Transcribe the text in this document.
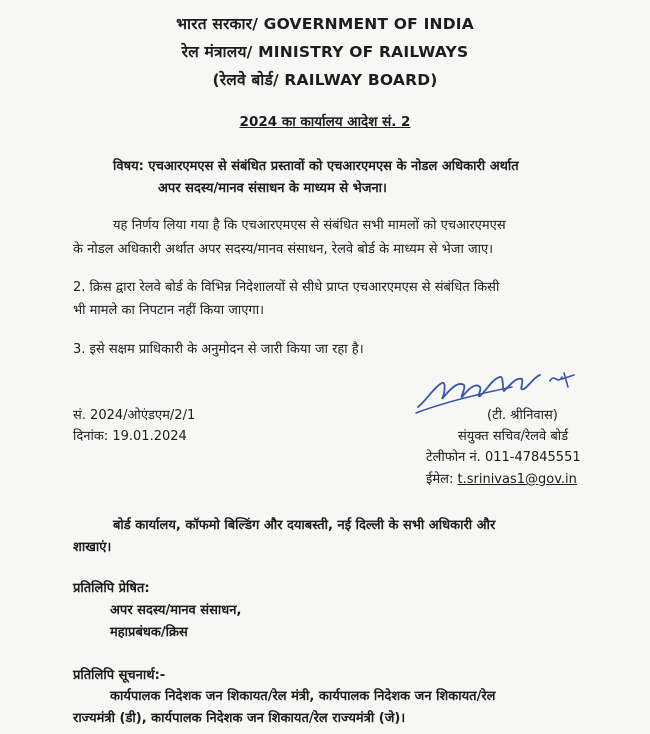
भारत सरकार/ GOVERNMENT OF INDIA
रेल मंत्रालय/ MINISTRY OF RAILWAYS
(रेलवे बोर्ड/ RAILWAY BOARD)
2024 का कार्यालय आदेश सं. 2
विषय: एचआरएमएस से संबंधित प्रस्तावों को एचआरएमएस के नोडल अधिकारी अर्थात
अपर सदस्य/मानव संसाधन के माध्यम से भेजना।
यह निर्णय लिया गया है कि एचआरएमएस से संबंधित सभी मामलों को एचआरएमएस
के नोडल अधिकारी अर्थात अपर सदस्य/मानव संसाधन, रेलवे बोर्ड के माध्यम से भेजा जाए।
2. क्रिस द्वारा रेलवे बोर्ड के विभिन्न निदेशालयों से सीधे प्राप्त एचआरएमएस से संबंधित किसी
भी मामले का निपटान नहीं किया जाएगा।
3. इसे सक्षम प्राधिकारी के अनुमोदन से जारी किया जा रहा है।
सं. 2024/ओएंडएम/2/1
दिनांक: 19.01.2024
(टी. श्रीनिवास)
संयुक्त सचिव/रेलवे बोर्ड
टेलीफोन नं. 011-47845551
ईमेल: t.srinivas1@gov.in
बोर्ड कार्यालय, कॉफमो बिल्डिंग और दयाबस्ती, नई दिल्ली के सभी अधिकारी और
शाखाएं।
प्रतिलिपि प्रेषित:
अपर सदस्य/मानव संसाधन,
महाप्रबंधक/क्रिस
प्रतिलिपि सूचनार्थ:-
कार्यपालक निदेशक जन शिकायत/रेल मंत्री, कार्यपालक निदेशक जन शिकायत/रेल
राज्यमंत्री (डी), कार्यपालक निदेशक जन शिकायत/रेल राज्यमंत्री (जे)।
